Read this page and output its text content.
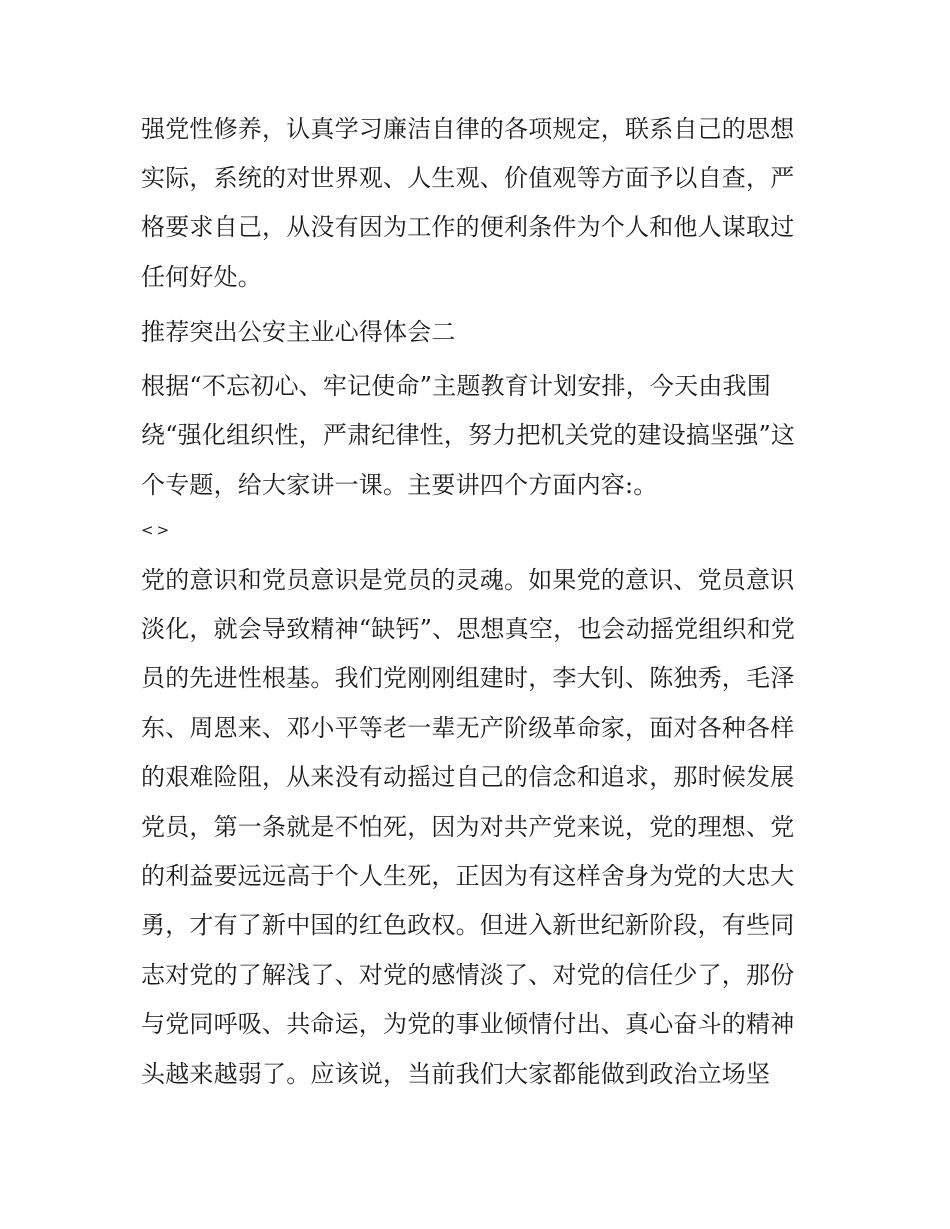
强党性修养，认真学习廉洁自律的各项规定，联系自己的思想
实际，系统的对世界观、人生观、价值观等方面予以自查，严
格要求自己，从没有因为工作的便利条件为个人和他人谋取过
任何好处。
推荐突出公安主业心得体会二
根据“不忘初心、牢记使命”主题教育计划安排，今天由我围
绕“强化组织性，严肃纪律性，努力把机关党的建设搞坚强”这
个专题，给大家讲一课。主要讲四个方面内容:。
<>
党的意识和党员意识是党员的灵魂。如果党的意识、党员意识
淡化，就会导致精神“缺钙”、思想真空，也会动摇党组织和党
员的先进性根基。我们党刚刚组建时，李大钊、陈独秀，毛泽
东、周恩来、邓小平等老一辈无产阶级革命家，面对各种各样
的艰难险阻，从来没有动摇过自己的信念和追求，那时候发展
党员，第一条就是不怕死，因为对共产党来说，党的理想、党
的利益要远远高于个人生死，正因为有这样舍身为党的大忠大
勇，才有了新中国的红色政权。但进入新世纪新阶段，有些同
志对党的了解浅了、对党的感情淡了、对党的信任少了，那份
与党同呼吸、共命运，为党的事业倾情付出、真心奋斗的精神
头越来越弱了。应该说，当前我们大家都能做到政治立场坚
